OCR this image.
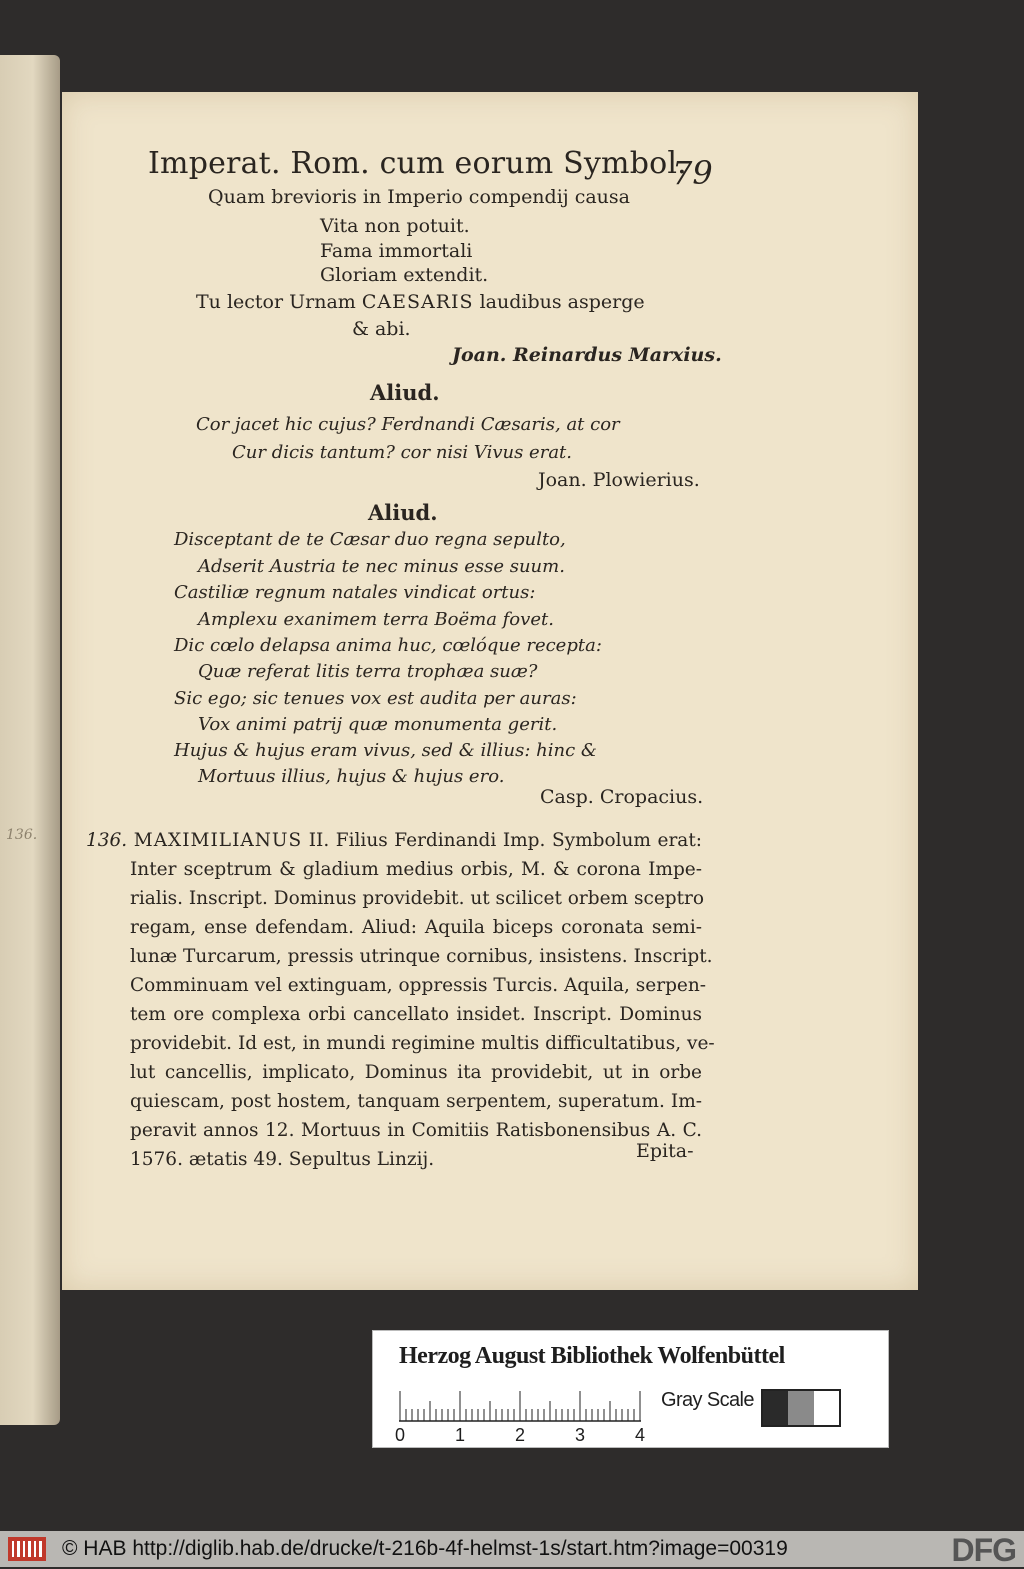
136.
Imperat. Rom. cum eorum Symbol.
79
Quam brevioris in Imperio compendij causa
Vita non potuit.
Fama immortali
Gloriam extendit.
Tu lector Urnam CAESARIS laudibus asperge
& abi.
Joan. Reinardus Marxius.
Aliud.
Cor jacet hic cujus? Ferdnandi Cæsaris, at cor
Cur dicis tantum? cor nisi Vivus erat.
Joan. Plowierius.
Aliud.
Disceptant de te Cæsar duo regna sepulto,
Adserit Austria te nec minus esse suum.
Castiliæ regnum natales vindicat ortus:
Amplexu exanimem terra Boëma fovet.
Dic cœlo delapsa anima huc, cœlóque recepta:
Quæ referat litis terra trophæa suæ?
Sic ego; sic tenues vox est audita per auras:
Vox animi patrij quæ monumenta gerit.
Hujus & hujus eram vivus, sed & illius: hinc &
Mortuus illius, hujus & hujus ero.
Casp. Cropacius.
136. MAXIMILIANUS II. Filius Ferdinandi Imp. Symbolum erat:
Inter sceptrum & gladium medius orbis, M. & corona Impe-
rialis. Inscript. Dominus providebit. ut scilicet orbem sceptro
regam, ense defendam. Aliud: Aquila biceps coronata semi-
lunæ Turcarum, pressis utrinque cornibus, insistens. Inscript.
Comminuam vel extinguam, oppressis Turcis. Aquila, serpen-
tem ore complexa orbi cancellato insidet. Inscript. Dominus
providebit. Id est, in mundi regimine multis difficultatibus, ve-
lut cancellis, implicato, Dominus ita providebit, ut in orbe
quiescam, post hostem, tanquam serpentem, superatum. Im-
peravit annos 12. Mortuus in Comitiis Ratisbonensibus A. C.
1576. ætatis 49. Sepultus Linzij.	Epita-
Herzog August Bibliothek Wolfenbüttel
Gray Scale
0	1	2	3	4
© HAB http://diglib.hab.de/drucke/t-216b-4f-helmst-1s/start.htm?image=00319	DFG
